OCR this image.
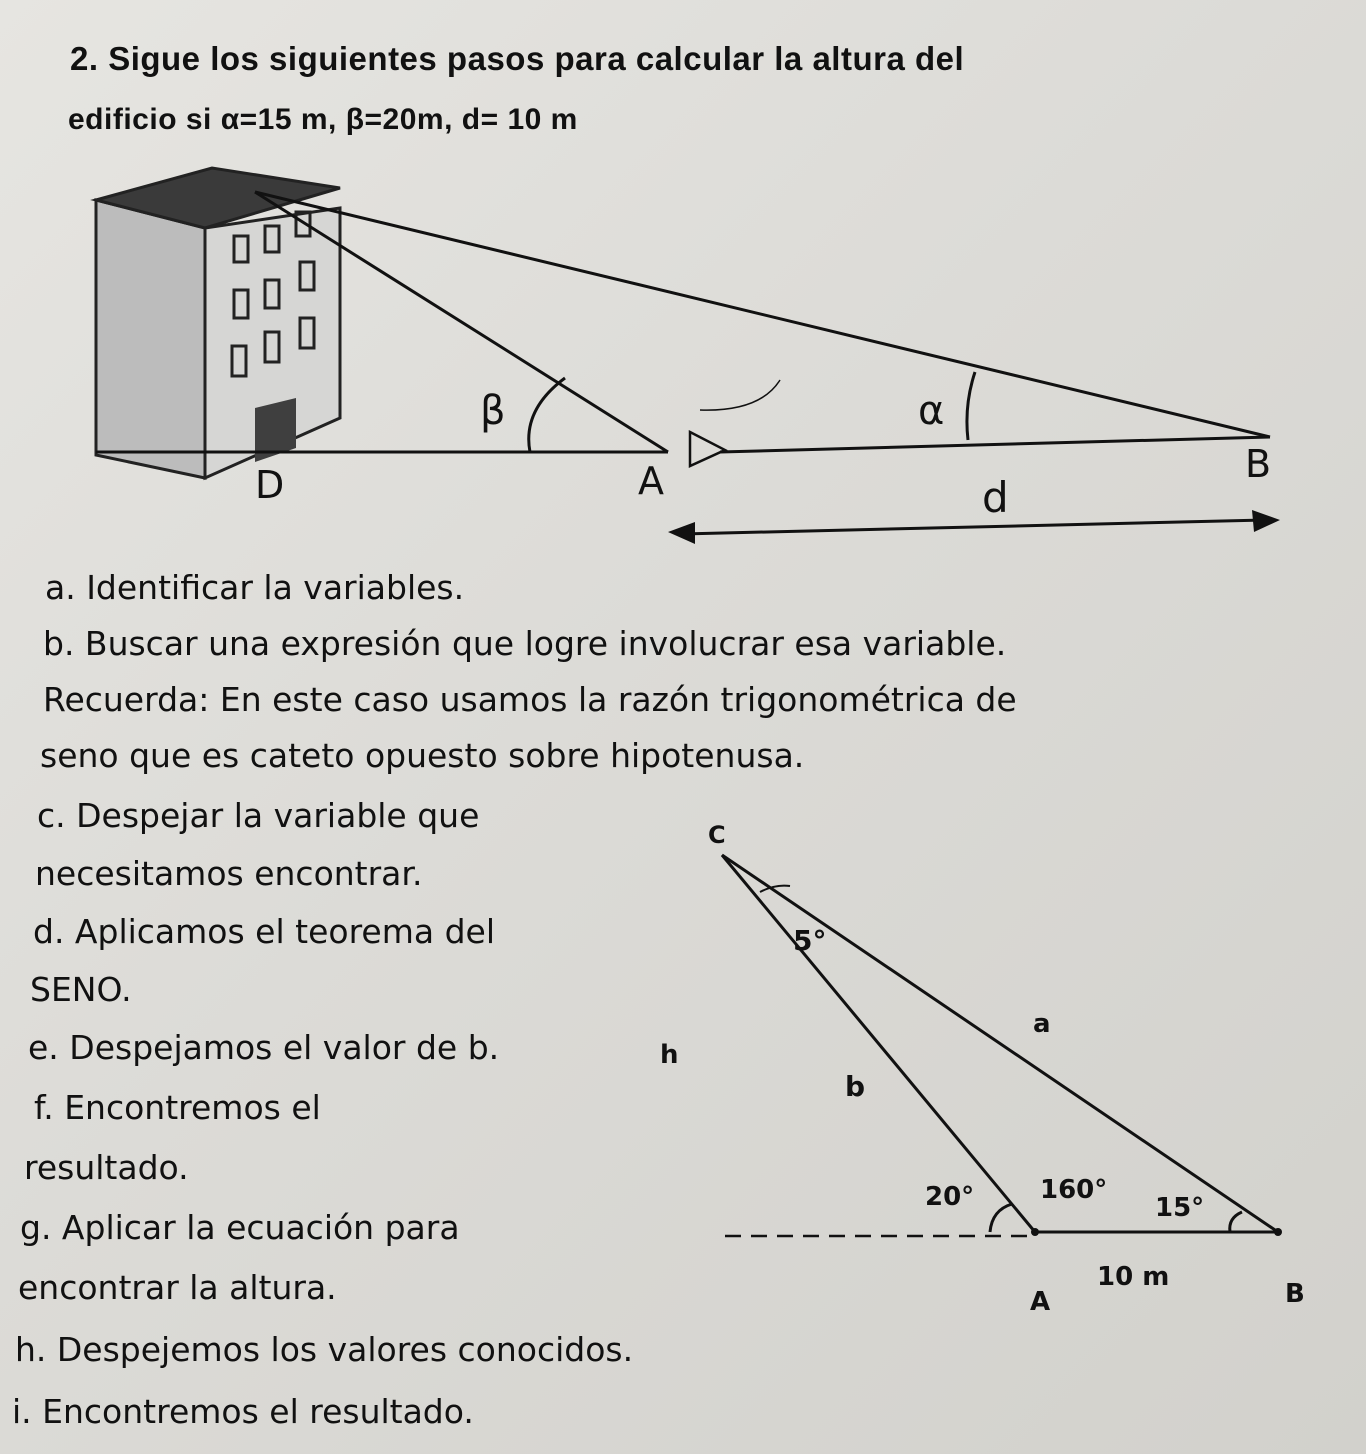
2. Sigue los siguientes pasos para calcular la altura del
edificio si α=15 m, β=20m, d= 10 m
β	α
D	A	B
d
C
5°
a
h
b
20°	160°
15°
10 m
A	B
a. Identificar la variables.
b. Buscar una expresión que logre involucrar esa variable.
Recuerda: En este caso usamos la razón trigonométrica de
seno que es cateto opuesto sobre hipotenusa.
c. Despejar la variable que
necesitamos encontrar.
d. Aplicamos el teorema del
SENO.
e. Despejamos el valor de b.
f. Encontremos el
resultado.
g. Aplicar la ecuación para
encontrar la altura.
h. Despejemos los valores conocidos.
i. Encontremos el resultado.
